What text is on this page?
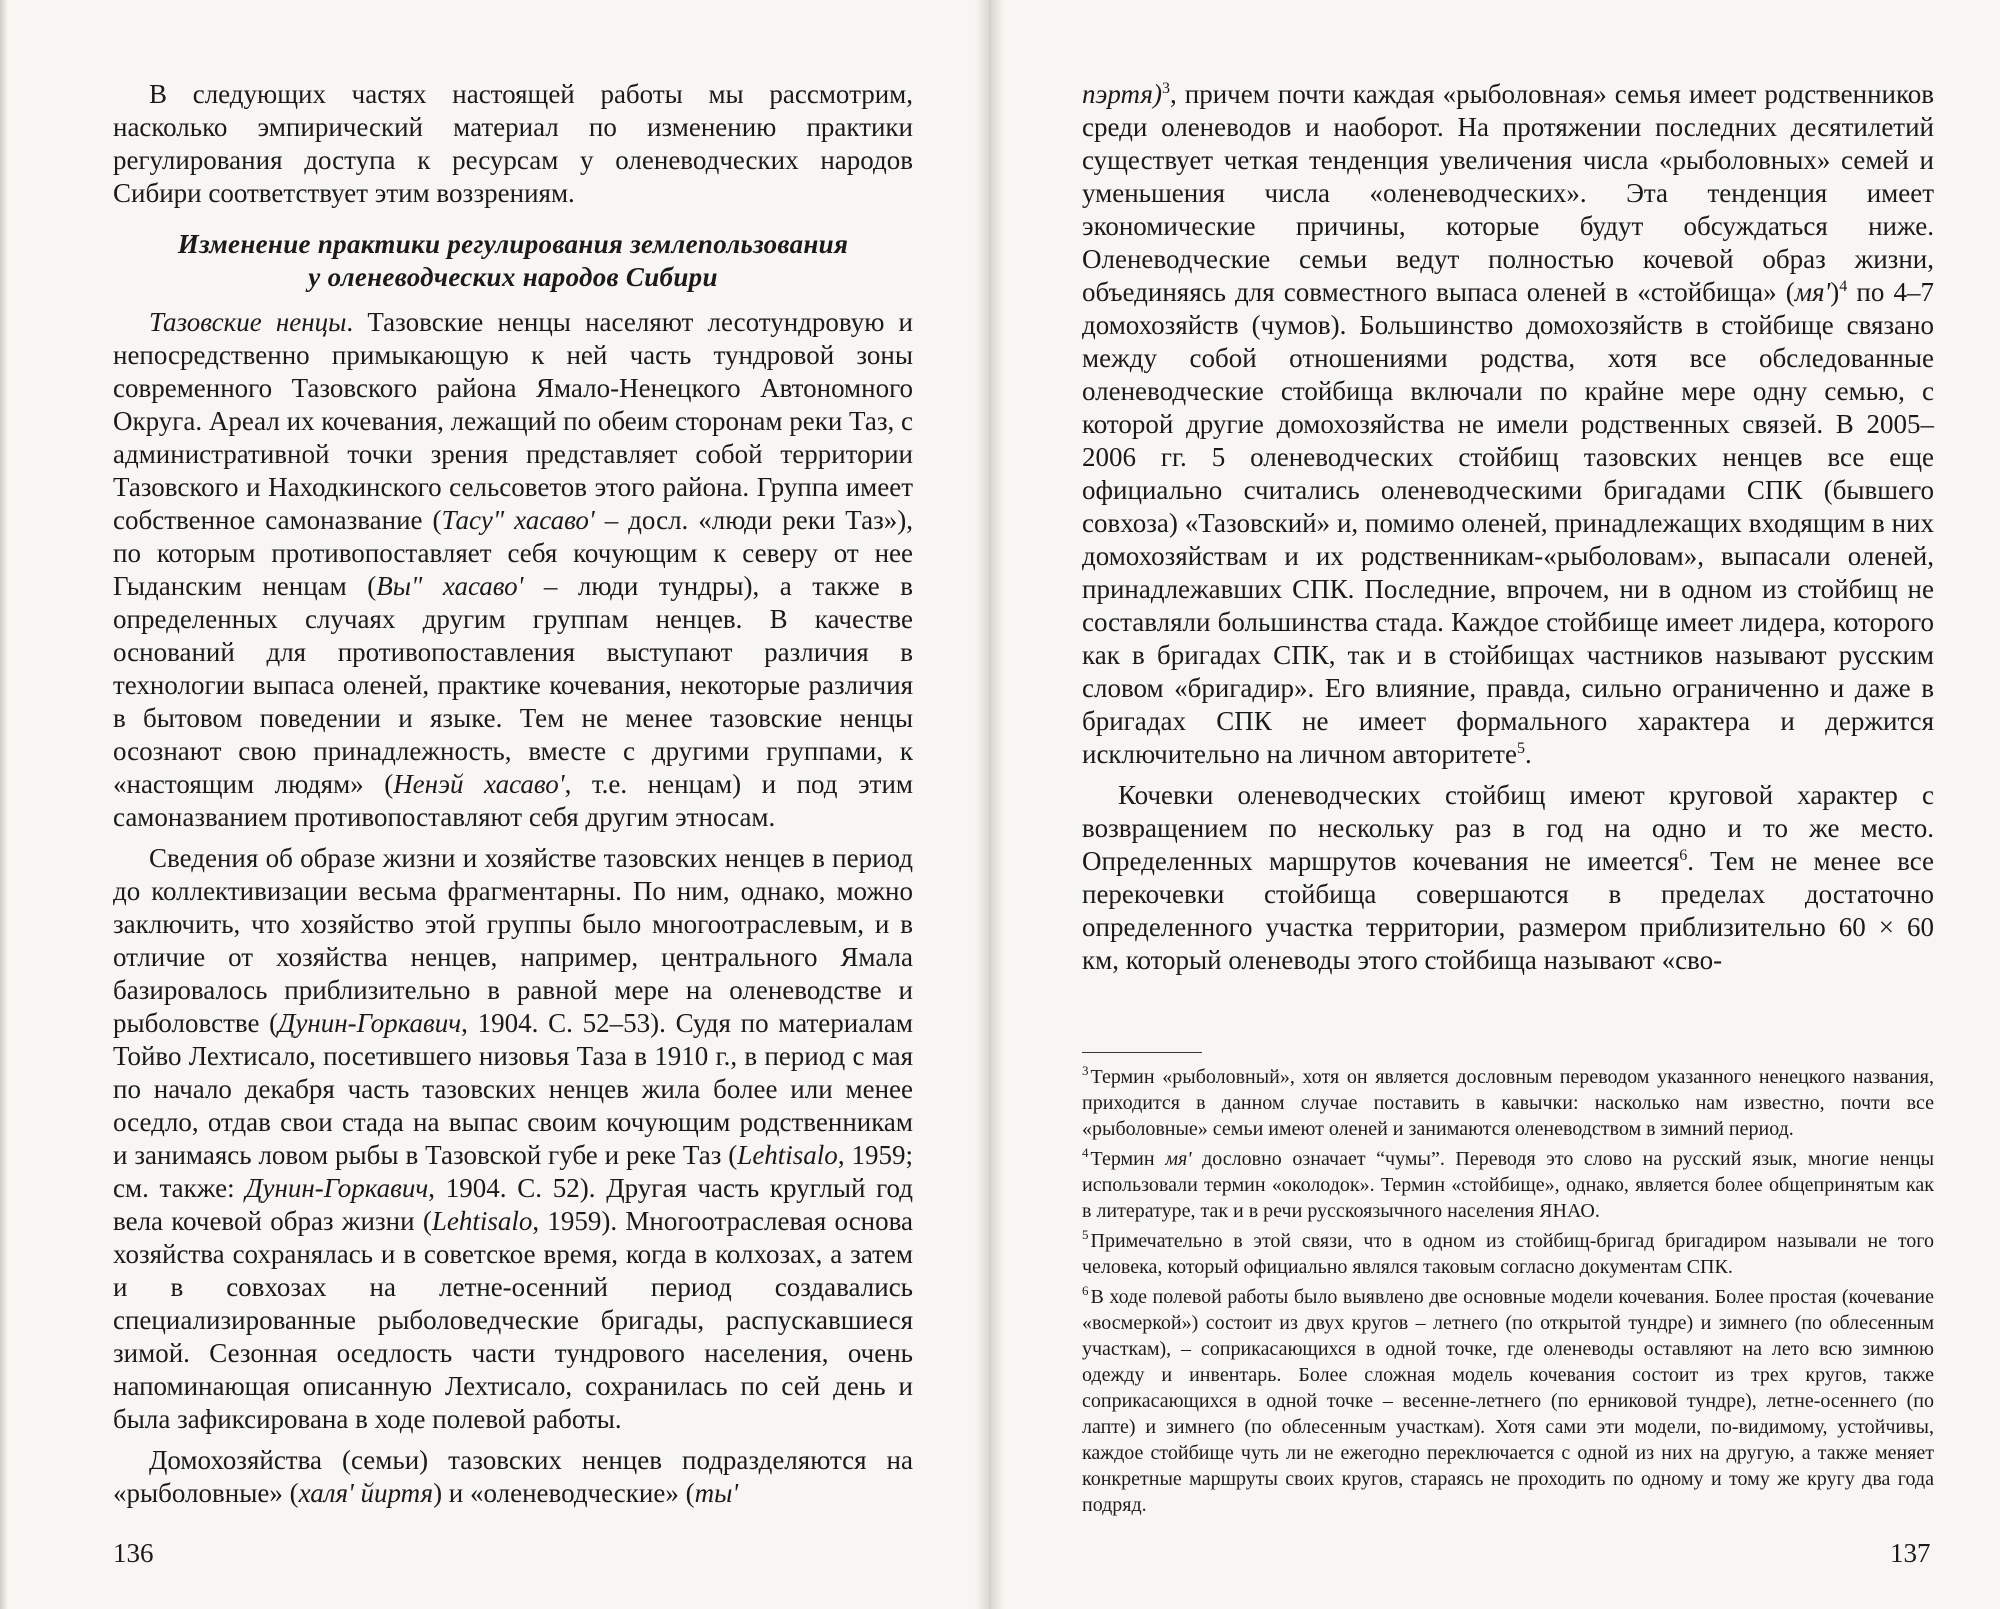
В следующих частях настоящей работы мы рассмотрим, насколько эмпирический материал по изменению практики регулирования доступа к ресурсам у оленеводческих народов Сибири соответствует этим воззрениям.

Изменение практики регулирования землепользования
у оленеводческих народов Сибири

Тазовские ненцы. Тазовские ненцы населяют лесотундровую и непосредственно примыкающую к ней часть тундровой зоны современного Тазовского района Ямало-Ненецкого Автономного Округа. Ареал их кочевания, лежащий по обеим сторонам реки Таз, с административной точки зрения представляет собой территории Тазовского и Находкинского сельсоветов этого района. Группа имеет собственное самоназвание (Тасу" хасаво' – досл. «люди реки Таз»), по которым противопоставляет себя кочующим к северу от нее Гыданским ненцам (Вы" хасаво' – люди тундры), а также в определенных случаях другим группам ненцев. В качестве оснований для противопоставления выступают различия в технологии выпаса оленей, практике кочевания, некоторые различия в бытовом поведении и языке. Тем не менее тазовские ненцы осознают свою принадлежность, вместе с другими группами, к «настоящим людям» (Ненэй хасаво', т.е. ненцам) и под этим самоназванием противопоставляют себя другим этносам.

Сведения об образе жизни и хозяйстве тазовских ненцев в период до коллективизации весьма фрагментарны. По ним, однако, можно заключить, что хозяйство этой группы было многоотраслевым, и в отличие от хозяйства ненцев, например, центрального Ямала базировалось приблизительно в равной мере на оленеводстве и рыболовстве (Дунин-Горкавич, 1904. С. 52–53). Судя по материалам Тойво Лехтисало, посетившего низовья Таза в 1910 г., в период с мая по начало декабря часть тазовских ненцев жила более или менее оседло, отдав свои стада на выпас своим кочующим родственникам и занимаясь ловом рыбы в Тазовской губе и реке Таз (Lehtisalo, 1959; см. также: Дунин-Горкавич, 1904. С. 52). Другая часть круглый год вела кочевой образ жизни (Lehtisalo, 1959). Многоотраслевая основа хозяйства сохранялась и в советское время, когда в колхозах, а затем и в совхозах на летне-осенний период создавались специализированные рыболоведческие бригады, распускавшиеся зимой. Сезонная оседлость части тундрового населения, очень напоминающая описанную Лехтисало, сохранилась по сей день и была зафиксирована в ходе полевой работы.

Домохозяйства (семьи) тазовских ненцев подразделяются на «рыболовные» (халя' йиртя) и «оленеводческие» (ты'

136

пэртя)$^3$, причем почти каждая «рыболовная» семья имеет родственников среди оленеводов и наоборот. На протяжении последних десятилетий существует четкая тенденция увеличения числа «рыболовных» семей и уменьшения числа «оленеводческих». Эта тенденция имеет экономические причины, которые будут обсуждаться ниже. Оленеводческие семьи ведут полностью кочевой образ жизни, объединяясь для совместного выпаса оленей в «стойбища» $(мя')^4$ по 4–7 домохозяйств (чумов). Большинство домохозяйств в стойбище связано между собой отношениями родства, хотя все обследованные оленеводческие стойбища включали по крайне мере одну семью, с которой другие домохозяйства не имели родственных связей. В 2005–2006 гг. 5 оленеводческих стойбищ тазовских ненцев все еще официально считались оленеводческими бригадами СПК (бывшего совхоза) «Тазовский» и, помимо оленей, принадлежащих входящим в них домохозяйствам и их родственникам-«рыболовам», выпасали оленей, принадлежавших СПК. Последние, впрочем, ни в одном из стойбищ не составляли большинства стада. Каждое стойбище имеет лидера, которого как в бригадах СПК, так и в стойбищах частников называют русским словом «бригадир». Его влияние, правда, сильно ограниченно и даже в бригадах СПК не имеет формального характера и держится исключительно на личном авторитете$^5$.

Кочевки оленеводческих стойбищ имеют круговой характер с возвращением по нескольку раз в год на одно и то же место. Определенных маршрутов кочевания не имеется$^6$. Тем не менее все перекочевки стойбища совершаются в пределах достаточно определенного участка территории, размером приблизительно 60 × 60 км, который оленеводы этого стойбища называют «сво-

$^3$ Термин «рыболовный», хотя он является дословным переводом указанного ненецкого названия, приходится в данном случае поставить в кавычки: насколько нам известно, почти все «рыболовные» семьи имеют оленей и занимаются оленеводством в зимний период.

$^4$ Термин мя' дословно означает “чумы”. Переводя это слово на русский язык, многие ненцы использовали термин «околодок». Термин «стойбище», однако, является более общепринятым как в литературе, так и в речи русскоязычного населения ЯНАО.

$^5$ Примечательно в этой связи, что в одном из стойбищ-бригад бригадиром называли не того человека, который официально являлся таковым согласно документам СПК.

$^6$ В ходе полевой работы было выявлено две основные модели кочевания. Более простая (кочевание «восмеркой») состоит из двух кругов – летнего (по открытой тундре) и зимнего (по облесенным участкам), – соприкасающихся в одной точке, где оленеводы оставляют на лето всю зимнюю одежду и инвентарь. Более сложная модель кочевания состоит из трех кругов, также соприкасающихся в одной точке – весенне-летнего (по ерниковой тундре), летне-осеннего (по лапте) и зимнего (по облесенным участкам). Хотя сами эти модели, по-видимому, устойчивы, каждое стойбище чуть ли не ежегодно переключается с одной из них на другую, а также меняет конкретные маршруты своих кругов, стараясь не проходить по одному и тому же кругу два года подряд.

137
